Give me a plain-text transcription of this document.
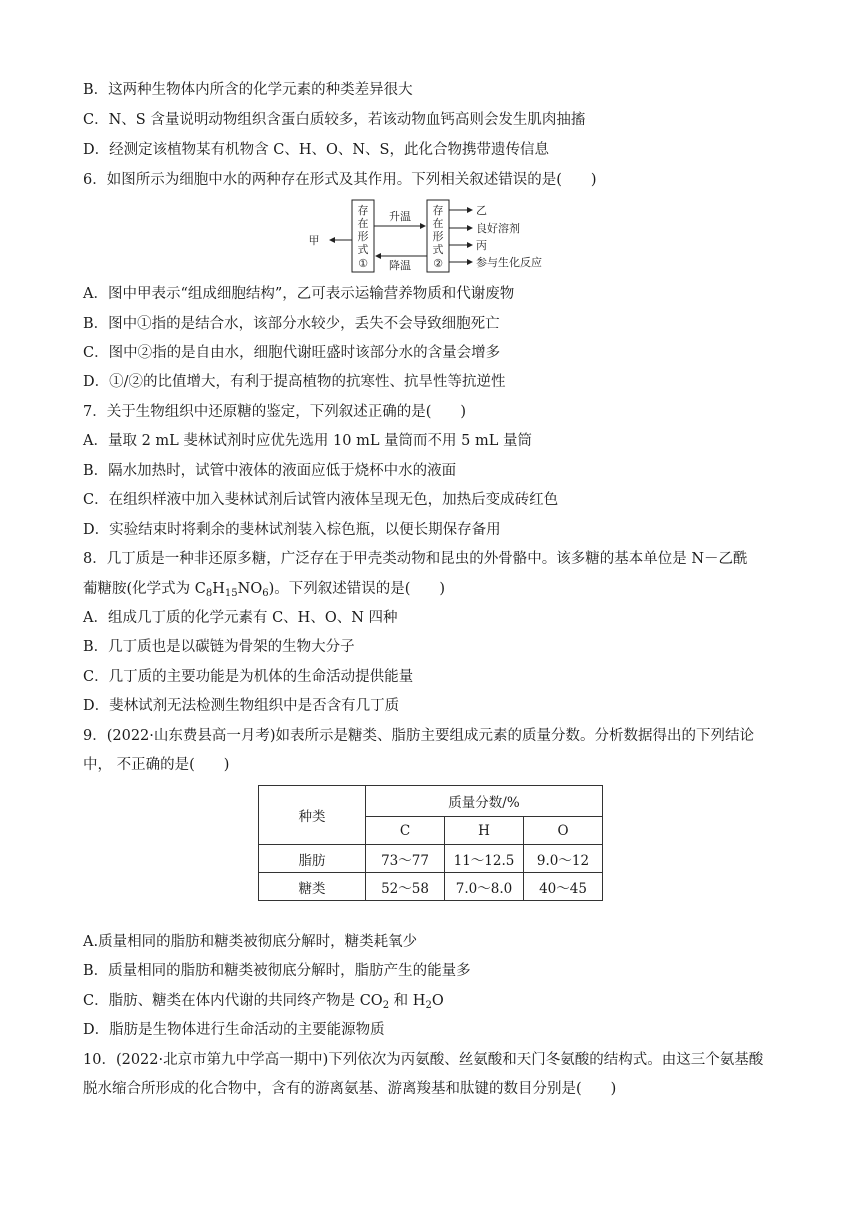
B．这两种生物体内所含的化学元素的种类差异很大
C．N、S 含量说明动物组织含蛋白质较多，若该动物血钙高则会发生肌肉抽搐
D．经测定该植物某有机物含 C、H、O、N、S，此化合物携带遗传信息
6．如图所示为细胞中水的两种存在形式及其作用。下列相关叙述错误的是(　　)
存
在
形
式
①
存
在
形
式
②
升温
降温
甲
乙
良好溶剂
丙
参与生化反应
A．图中甲表示“组成细胞结构”，乙可表示运输营养物质和代谢废物
B．图中①指的是结合水，该部分水较少，丢失不会导致细胞死亡
C．图中②指的是自由水，细胞代谢旺盛时该部分水的含量会增多
D．①/②的比值增大，有利于提高植物的抗寒性、抗旱性等抗逆性
7．关于生物组织中还原糖的鉴定，下列叙述正确的是(　　)
A．量取 2 mL 斐林试剂时应优先选用 10 mL 量筒而不用 5 mL 量筒
B．隔水加热时，试管中液体的液面应低于烧杯中水的液面
C．在组织样液中加入斐林试剂后试管内液体呈现无色，加热后变成砖红色
D．实验结束时将剩余的斐林试剂装入棕色瓶，以便长期保存备用
8．几丁质是一种非还原多糖，广泛存在于甲壳类动物和昆虫的外骨骼中。该多糖的基本单位是 N－乙酰
葡糖胺(化学式为 $C_8H_{15}NO_6$)。下列叙述错误的是(　　)
A．组成几丁质的化学元素有 C、H、O、N 四种
B．几丁质也是以碳链为骨架的生物大分子
C．几丁质的主要功能是为机体的生命活动提供能量
D．斐林试剂无法检测生物组织中是否含有几丁质
9．(2022·山东费县高一月考)如表所示是糖类、脂肪主要组成元素的质量分数。分析数据得出的下列结论
中， 不正确的是(　　)
种类	质量分数/%		
	C	H	O
脂肪	73～77	11～12.5	9.0～12
糖类	52～58	7.0～8.0	40～45
A.质量相同的脂肪和糖类被彻底分解时，糖类耗氧少
B．质量相同的脂肪和糖类被彻底分解时，脂肪产生的能量多
C．脂肪、糖类在体内代谢的共同终产物是 $CO_2$ 和 $H_2O$
D．脂肪是生物体进行生命活动的主要能源物质
10．(2022·北京市第九中学高一期中)下列依次为丙氨酸、丝氨酸和天门冬氨酸的结构式。由这三个氨基酸
脱水缩合所形成的化合物中，含有的游离氨基、游离羧基和肽键的数目分别是(　　)
